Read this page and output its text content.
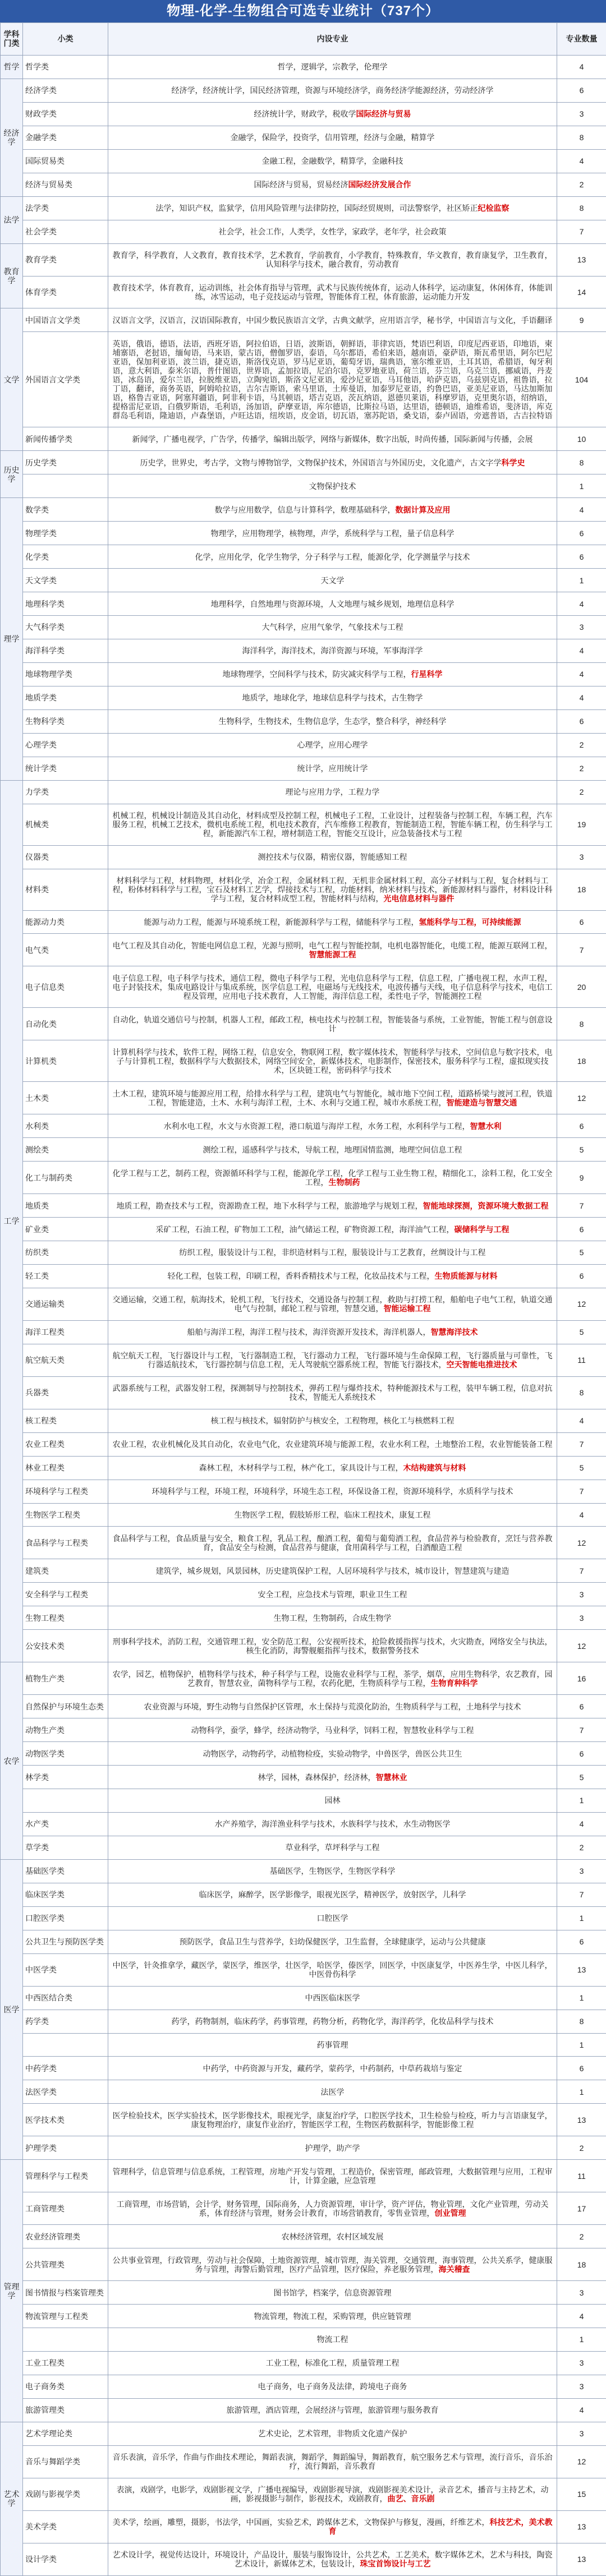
物理-化学-生物组合可选专业统计（737个）
学科门类	小类	内设专业	专业数量
哲学	哲学类	哲学，逻辑学，宗教学，伦理学	4
经济学	经济学类	经济学，经济统计学，国民经济管理，资源与环境经济学，商务经济学能源经济，劳动经济学	6
	财政学类	经济统计学，财政学，税收学国际经济与贸易	3
	金融学类	金融学，保险学，投资学，信用管理，经济与金融，精算学	8
	国际贸易类	金融工程，金融数学，精算学，金融科技	4
	经济与贸易类	国际经济与贸易，贸易经济国际经济发展合作	2
法学	法学类	法学，知识产权，监狱学，信用风险管理与法律防控，国际经贸规则，司法警察学，社区矫正纪检监察	8
	社会学类	社会学，社会工作，人类学，女性学，家政学，老年学，社会政策	7
教育学	教育学类	教育学，科学教育，人文教育，教育技术学，艺术教育，学前教育，小学教育，特殊教育，华文教育，教育康复学，卫生教育，认知科学与技术，融合教育，劳动教育	13
	体育学类	教育技术学，体育教育，运动训练，社会体育指导与管理，武术与民族传统体育，运动人体科学，运动康复，休闲体育，体能训练，冰雪运动，电子竞技运动与管理，智能体育工程，体育旅游，运动能力开发	14
文学	中国语言文学类	汉语言文学，汉语言，汉语国际教育，中国少数民族语言文学，古典文献学，应用语言学，秘书学，中国语言与文化，手语翻译	9
	外国语言文学类	英语，俄语，德语，法语，西班牙语，阿拉伯语，日语，波斯语，朝鲜语，菲律宾语，梵语巴利语，印度尼西亚语，印地语，柬埔寨语，老挝语，缅甸语，马来语，蒙古语，僧伽罗语，泰语，乌尔都语，希伯来语，越南语，豪萨语，斯瓦希里语，阿尔巴尼亚语，保加利亚语，波兰语，捷克语，斯洛伐克语，罗马尼亚语，葡萄牙语，瑞典语，塞尔维亚语，土耳其语，希腊语，匈牙利语，意大利语，泰米尔语，普什图语，世界语，孟加拉语，尼泊尔语，克罗地亚语，荷兰语，芬兰语，乌克兰语，挪威语，丹麦语，冰岛语，爱尔兰语，拉脱维亚语，立陶宛语，斯洛文尼亚语，爱沙尼亚语，马耳他语，哈萨克语，乌兹别克语，祖鲁语，拉丁语，翻译，商务英语，阿姆哈拉语，吉尔吉斯语，索马里语，土库曼语，加泰罗尼亚语，约鲁巴语，亚美尼亚语，马达加斯加语，格鲁吉亚语，阿塞拜疆语，阿非利卡语，马其顿语，塔吉克语，茨瓦纳语，恩德贝莱语，科摩罗语，克里奥尔语，绍纳语，提格雷尼亚语，白俄罗斯语，毛利语，汤加语，萨摩亚语，库尔德语，比斯拉马语，达里语，德顿语，迪维希语，斐济语，库克群岛毛利语，隆迪语，卢森堡语，卢旺达语，纽埃语，皮金语，切瓦语，塞苏陀语，桑戈语，泰卢固语，旁遮普语，古吉拉特语	104
	新闻传播学类	新闻学，广播电视学，广告学，传播学，编辑出版学，网络与新媒体，数字出版，时尚传播，国际新闻与传播，会展	10
历史学	历史学类	历史学，世界史，考古学，文物与博物馆学，文物保护技术，外国语言与外国历史，文化遗产，古文字学科学史	8
		文物保护技术	1
理学	数学类	数学与应用数学，信息与计算科学，数理基础科学，数据计算及应用	4
	物理学类	物理学，应用物理学，核物理，声学，系统科学与工程，量子信息科学	6
	化学类	化学，应用化学，化学生物学，分子科学与工程，能源化学，化学测量学与技术	6
	天文学类	天文学	1
	地理科学类	地理科学，自然地理与资源环境，人文地理与城乡规划，地理信息科学	4
	大气科学类	大气科学，应用气象学，气象技术与工程	3
	海洋科学类	海洋科学，海洋技术，海洋资源与环境，军事海洋学	4
	地球物理学类	地球物理学，空间科学与技术，防灾减灾科学与工程，行星科学	4
	地质学类	地质学，地球化学，地球信息科学与技术，古生物学	4
	生物科学类	生物科学，生物技术，生物信息学，生态学，整合科学，神经科学	6
	心理学类	心理学，应用心理学	2
	统计学类	统计学，应用统计学	2
工学	力学类	理论与应用力学，工程力学	2
	机械类	机械工程，机械设计制造及其自动化，材料成型及控制工程，机械电子工程，工业设计，过程装备与控制工程，车辆工程，汽车服务工程，机械工艺技术，微机电系统工程，机电技术教育，汽车维修工程教育，智能制造工程，智能车辆工程，仿生科学与工程，新能源汽车工程，增材制造工程，智能交互设计，应急装备技术与工程	19
	仪器类	测控技术与仪器，精密仪器，智能感知工程	3
	材料类	材料科学与工程，材料物理，材料化学，冶金工程，金属材料工程，无机非金属材料工程，高分子材料与工程，复合材料与工程，粉体材料科学与工程，宝石及材料工艺学，焊接技术与工程，功能材料，纳米材料与技术，新能源材料与器件，材料设计科学与工程，复合材料成型工程，智能材料与结构，光电信息材料与器件	18
	能源动力类	能源与动力工程，能源与环境系统工程，新能源科学与工程，储能科学与工程，氢能科学与工程，可持续能源	6
	电气类	电气工程及其自动化，智能电网信息工程，光源与照明，电气工程与智能控制，电机电器智能化，电缆工程，能源互联网工程，智慧能源工程	7
	电子信息类	电子信息工程，电子科学与技术，通信工程，微电子科学与工程，光电信息科学与工程，信息工程，广播电视工程，水声工程，电子封装技术，集成电路设计与集成系统，医学信息工程，电磁场与无线技术，电波传播与天线，电子信息科学与技术，电信工程及管理，应用电子技术教育，人工智能，海洋信息工程，柔性电子学，智能测控工程	20
	自动化类	自动化，轨道交通信号与控制，机器人工程，邮政工程，核电技术与控制工程，智能装备与系统，工业智能，智能工程与创意设计	8
	计算机类	计算机科学与技术，软件工程，网络工程，信息安全，物联网工程，数字媒体技术，智能科学与技术，空间信息与数字技术，电子与计算机工程，数据科学与大数据技术，网络空间安全，新媒体技术，电影制作，保密技术，服务科学与工程，虚拟现实技术，区块链工程，密码科学与技术	18
	土木类	土木工程，建筑环境与能源应用工程，给排水科学与工程，建筑电气与智能化，城市地下空间工程，道路桥梁与渡河工程，铁道工程，智能建造，土木、水利与海洋工程，土木、水利与交通工程，城市水系统工程，智能建造与智慧交通	12
	水利类	水利水电工程，水文与水资源工程，港口航道与海岸工程，水务工程，水利科学与工程，智慧水利	6
	测绘类	测绘工程，遥感科学与技术，导航工程，地理国情监测，地理空间信息工程	5
	化工与制药类	化学工程与工艺，制药工程，资源循环科学与工程，能源化学工程，化学工程与工业生物工程，精细化工，涂料工程，化工安全工程，生物制药	9
	地质类	地质工程，勘查技术与工程，资源勘查工程，地下水科学与工程，旅游地学与规划工程，智能地球探测，资源环境大数据工程	7
	矿业类	采矿工程，石油工程，矿物加工工程，油气储运工程，矿物资源工程，海洋油气工程，碳储科学与工程	6
	纺织类	纺织工程，服装设计与工程，非织造材料与工程，服装设计与工艺教育，丝绸设计与工程	5
	轻工类	轻化工程，包装工程，印刷工程，香料香精技术与工程，化妆品技术与工程，生物质能源与材料	6
	交通运输类	交通运输，交通工程，航海技术，轮机工程，飞行技术，交通设备与控制工程，救助与打捞工程，船舶电子电气工程，轨道交通电气与控制，邮轮工程与管理，智慧交通，智能运输工程	12
	海洋工程类	船舶与海洋工程，海洋工程与技术，海洋资源开发技术，海洋机器人，智慧海洋技术	5
	航空航天类	航空航天工程，飞行器设计与工程，飞行器制造工程，飞行器动力工程，飞行器环境与生命保障工程，飞行器质量与可靠性，飞行器适航技术，飞行器控制与信息工程，无人驾驶航空器系统工程，智能飞行器技术，空天智能电推进技术	11
	兵器类	武器系统与工程，武器发射工程，探测制导与控制技术，弹药工程与爆炸技术，特种能源技术与工程，装甲车辆工程，信息对抗技术，智能无人系统技术	8
	核工程类	核工程与核技术，辐射防护与核安全，工程物理，核化工与核燃料工程	4
	农业工程类	农业工程，农业机械化及其自动化，农业电气化，农业建筑环境与能源工程，农业水利工程，土地整治工程，农业智能装备工程	7
	林业工程类	森林工程，木材科学与工程，林产化工，家具设计与工程，木结构建筑与材料	5
	环境科学与工程类	环境科学与工程，环境工程，环境科学，环境生态工程，环保设备工程，资源环境科学，水质科学与技术	7
	生物医学工程类	生物医学工程，假肢矫形工程，临床工程技术，康复工程	4
	食品科学与工程类	食品科学与工程，食品质量与安全，粮食工程，乳品工程，酿酒工程，葡萄与葡萄酒工程，食品营养与检验教育，烹饪与营养教育，食品安全与检测，食品营养与健康，食用菌科学与工程，白酒酿造工程	12
	建筑类	建筑学，城乡规划，风景园林，历史建筑保护工程，人居环境科学与技术，城市设计，智慧建筑与建造	7
	安全科学与工程类	安全工程，应急技术与管理，职业卫生工程	3
	生物工程类	生物工程，生物制药，合成生物学	3
	公安技术类	刑事科学技术，消防工程，交通管理工程，安全防范工程，公安视听技术，抢险救援指挥与技术，火灾勘查，网络安全与执法，核生化消防，海警舰艇指挥与技术，数据警务技术	12
农学	植物生产类	农学，园艺，植物保护，植物科学与技术，种子科学与工程，设施农业科学与工程，茶学，烟草，应用生物科学，农艺教育，园艺教育，智慧农业，菌物科学与工程，农药化肥，生物质科学与工程，生物育种科学	16
	自然保护与环境生态类	农业资源与环境，野生动物与自然保护区管理，水土保持与荒漠化防治，生物质科学与工程，土地科学与技术	6
	动物生产类	动物科学，蚕学，蜂学，经济动物学，马业科学，饲料工程，智慧牧业科学与工程	7
	动物医学类	动物医学，动物药学，动植物检疫，实验动物学，中兽医学，兽医公共卫生	6
	林学类	林学，园林，森林保护，经济林，智慧林业	5
		园林	1
	水产类	水产养殖学，海洋渔业科学与技术，水族科学与技术，水生动物医学	4
	草学类	草业科学，草坪科学与工程	2
医学	基础医学类	基础医学，生物医学，生物医学科学	3
	临床医学类	临床医学，麻醉学，医学影像学，眼视光医学，精神医学，放射医学，儿科学	7
	口腔医学类	口腔医学	1
	公共卫生与预防医学类	预防医学，食品卫生与营养学，妇幼保健医学，卫生监督，全球健康学，运动与公共健康	6
	中医学类	中医学，针灸推拿学，藏医学，蒙医学，维医学，壮医学，哈医学，傣医学，回医学，中医康复学，中医养生学，中医儿科学，中医骨伤科学	13
	中西医结合类	中西医临床医学	1
	药学类	药学，药物制剂，临床药学，药事管理，药物分析，药物化学，海洋药学，化妆品科学与技术	8
		药事管理	1
	中药学类	中药学，中药资源与开发，藏药学，蒙药学，中药制药，中草药栽培与鉴定	6
	法医学类	法医学	1
	医学技术类	医学检验技术，医学实验技术，医学影像技术，眼视光学，康复治疗学，口腔医学技术，卫生检验与检疫，听力与言语康复学，康复物理治疗，康复作业治疗，智能医学工程，生物医药数据科学，智能影像工程	13
	护理学类	护理学，助产学	2
管理学	管理科学与工程类	管理科学，信息管理与信息系统，工程管理，房地产开发与管理，工程造价，保密管理，邮政管理，大数据管理与应用，工程审计，计算金融，应急管理	11
	工商管理类	工商管理，市场营销，会计学，财务管理，国际商务，人力资源管理，审计学，资产评估，物业管理，文化产业管理，劳动关系，体育经济与管理，财务会计教育，市场营销教育，零售业管理，创业管理	17
	农业经济管理类	农林经济管理，农村区域发展	2
	公共管理类	公共事业管理，行政管理，劳动与社会保障，土地资源管理，城市管理，海关管理，交通管理，海事管理，公共关系学，健康服务与管理，海警后勤管理，医疗产品管理，医疗保险，养老服务管理，海关稽查	18
	图书情报与档案管理类	图书馆学，档案学，信息资源管理	3
	物流管理与工程类	物流管理，物流工程，采购管理，供应链管理	4
		物流工程	1
	工业工程类	工业工程，标准化工程，质量管理工程	3
	电子商务类	电子商务，电子商务及法律，跨境电子商务	3
	旅游管理类	旅游管理，酒店管理，会展经济与管理，旅游管理与服务教育	4
艺术学	艺术学理论类	艺术史论，艺术管理，非物质文化遗产保护	3
	音乐与舞蹈学类	音乐表演，音乐学，作曲与作曲技术理论，舞蹈表演，舞蹈学，舞蹈编导，舞蹈教育，航空服务艺术与管理，流行音乐，音乐治疗，流行舞蹈，音乐教育	12
	戏剧与影视学类	表演，戏剧学，电影学，戏剧影视文学，广播电视编导，戏剧影视导演，戏剧影视美术设计，录音艺术，播音与主持艺术，动画，影视摄影与制作，影视技术，戏剧教育，曲艺、音乐剧	15
	美术学类	美术学，绘画，雕塑，摄影，书法学，中国画，实验艺术，跨媒体艺术，文物保护与修复，漫画，纤维艺术，科技艺术，美术教育	13
	设计学类	艺术设计学，视觉传达设计，环境设计，产品设计，服装与服饰设计，公共艺术，工艺美术，数字媒体艺术，艺术与科技，陶瓷艺术设计，新媒体艺术，包装设计，珠宝首饰设计与工艺	13
